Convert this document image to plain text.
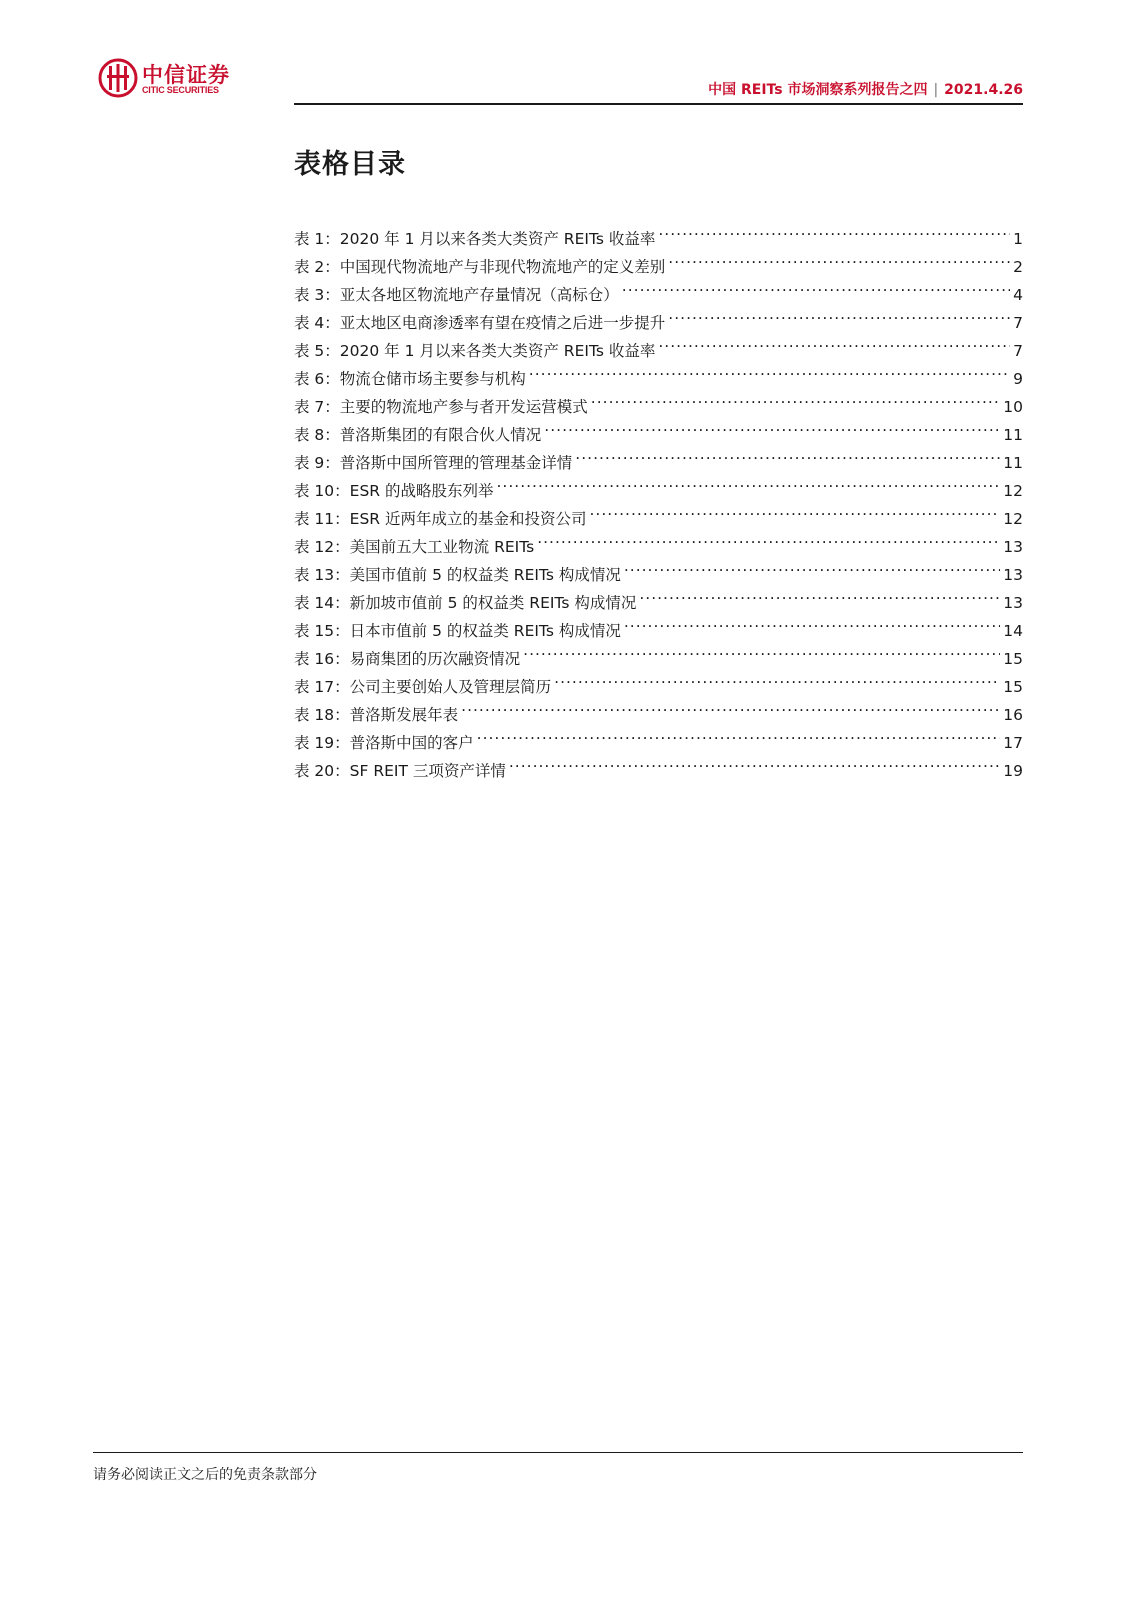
中信证券
CITIC SECURITIES	中国 REITs 市场洞察系列报告之四 | 2021.4.26
表格目录
表 1：2020 年 1 月以来各类大类资产 REITs 收益率 .....	1
表 2：中国现代物流地产与非现代物流地产的定义差别 .....	2
表 3：亚太各地区物流地产存量情况（高标仓） .....	4
表 4：亚太地区电商渗透率有望在疫情之后进一步提升 .....	7
表 5：2020 年 1 月以来各类大类资产 REITs 收益率 .....	7
表 6：物流仓储市场主要参与机构 .....	9
表 7：主要的物流地产参与者开发运营模式 .....	10
表 8：普洛斯集团的有限合伙人情况 .....	11
表 9：普洛斯中国所管理的管理基金详情 .....	11
表 10：ESR 的战略股东列举 .....	12
表 11：ESR 近两年成立的基金和投资公司 .....	12
表 12：美国前五大工业物流 REITs .....	13
表 13：美国市值前 5 的权益类 REITs 构成情况 .....	13
表 14：新加坡市值前 5 的权益类 REITs 构成情况 .....	13
表 15：日本市值前 5 的权益类 REITs 构成情况 .....	14
表 16：易商集团的历次融资情况 .....	15
表 17：公司主要创始人及管理层简历 .....	15
表 18：普洛斯发展年表 .....	16
表 19：普洛斯中国的客户 .....	17
表 20：SF REIT 三项资产详情 .....	19
请务必阅读正文之后的免责条款部分
